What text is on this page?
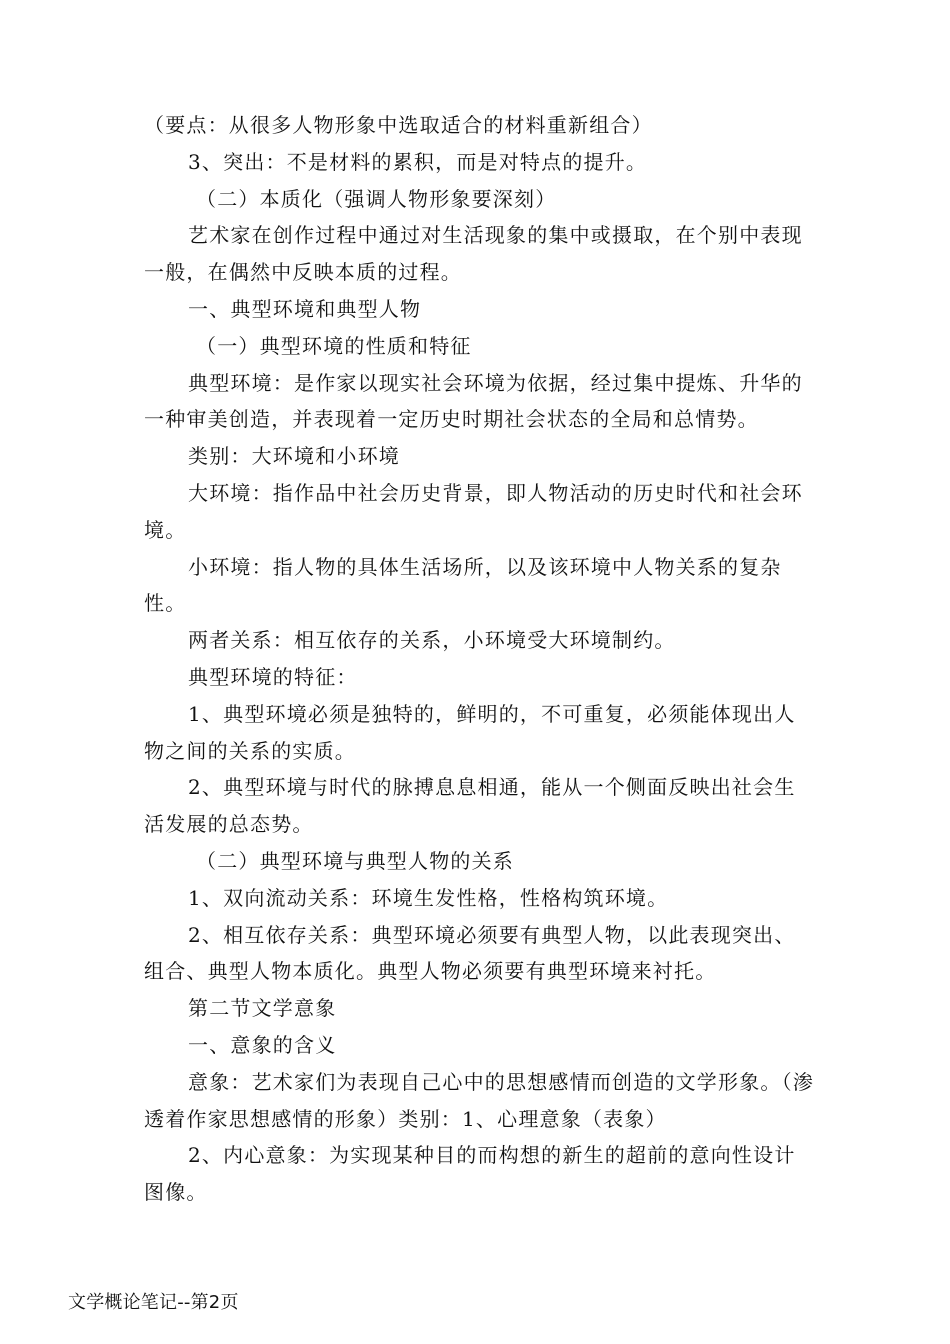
（要点：从很多人物形象中选取适合的材料重新组合）

3、突出：不是材料的累积，而是对特点的提升。

（二）本质化（强调人物形象要深刻）

艺术家在创作过程中通过对生活现象的集中或摄取，在个别中表现一般，在偶然中反映本质的过程。

一、典型环境和典型人物

（一）典型环境的性质和特征

典型环境：是作家以现实社会环境为依据，经过集中提炼、升华的一种审美创造，并表现着一定历史时期社会状态的全局和总情势。

类别：大环境和小环境

大环境：指作品中社会历史背景，即人物活动的历史时代和社会环境。

小环境：指人物的具体生活场所，以及该环境中人物关系的复杂性。

两者关系：相互依存的关系，小环境受大环境制约。

典型环境的特征：

1、典型环境必须是独特的，鲜明的，不可重复，必须能体现出人物之间的关系的实质。

2、典型环境与时代的脉搏息息相通，能从一个侧面反映出社会生活发展的总态势。

（二）典型环境与典型人物的关系

1、双向流动关系：环境生发性格，性格构筑环境。

2、相互依存关系：典型环境必须要有典型人物，以此表现突出、组合、典型人物本质化。典型人物必须要有典型环境来衬托。

第二节文学意象

一、意象的含义

意象：艺术家们为表现自己心中的思想感情而创造的文学形象。（渗透着作家思想感情的形象）类别：1、心理意象（表象）

2、内心意象：为实现某种目的而构想的新生的超前的意向性设计图像。

文学概论笔记--第2页
